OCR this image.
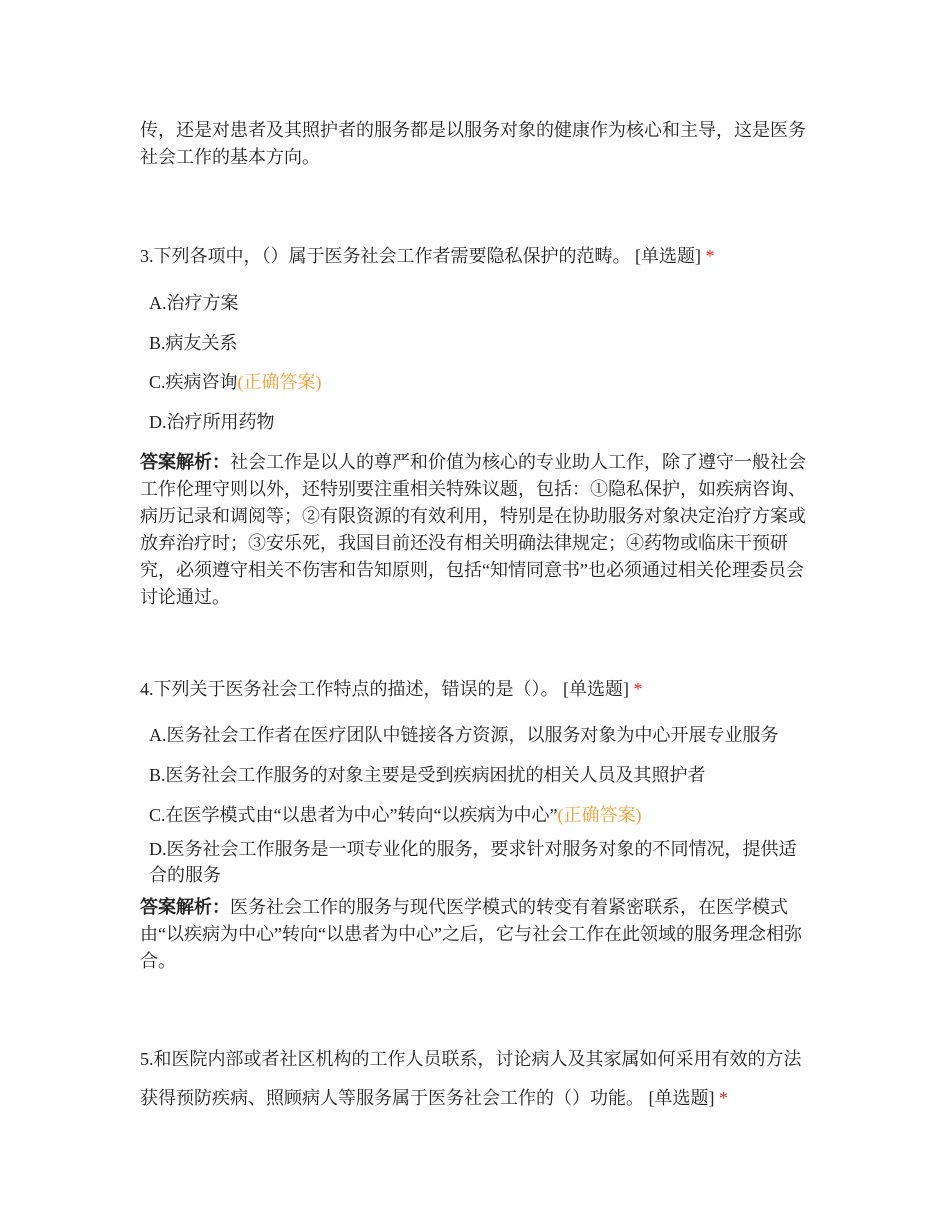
传，还是对患者及其照护者的服务都是以服务对象的健康作为核心和主导，这是医务社会工作的基本方向。
3.下列各项中，（）属于医务社会工作者需要隐私保护的范畴。 [单选题] *
A.治疗方案
B.病友关系
C.疾病咨询(正确答案)
D.治疗所用药物
答案解析：社会工作是以人的尊严和价值为核心的专业助人工作，除了遵守一般社会工作伦理守则以外，还特别要注重相关特殊议题，包括：①隐私保护，如疾病咨询、病历记录和调阅等；②有限资源的有效利用，特别是在协助服务对象决定治疗方案或放弃治疗时；③安乐死，我国目前还没有相关明确法律规定；④药物或临床干预研究，必须遵守相关不伤害和告知原则，包括“知情同意书”也必须通过相关伦理委员会讨论通过。
4.下列关于医务社会工作特点的描述，错误的是（）。 [单选题] *
A.医务社会工作者在医疗团队中链接各方资源，以服务对象为中心开展专业服务
B.医务社会工作服务的对象主要是受到疾病困扰的相关人员及其照护者
C.在医学模式由“以患者为中心”转向“以疾病为中心”(正确答案)
D.医务社会工作服务是一项专业化的服务，要求针对服务对象的不同情况，提供适合的服务
答案解析：医务社会工作的服务与现代医学模式的转变有着紧密联系，在医学模式由“以疾病为中心”转向“以患者为中心”之后，它与社会工作在此领域的服务理念相弥合。
5.和医院内部或者社区机构的工作人员联系，讨论病人及其家属如何采用有效的方法获得预防疾病、照顾病人等服务属于医务社会工作的（）功能。 [单选题] *
